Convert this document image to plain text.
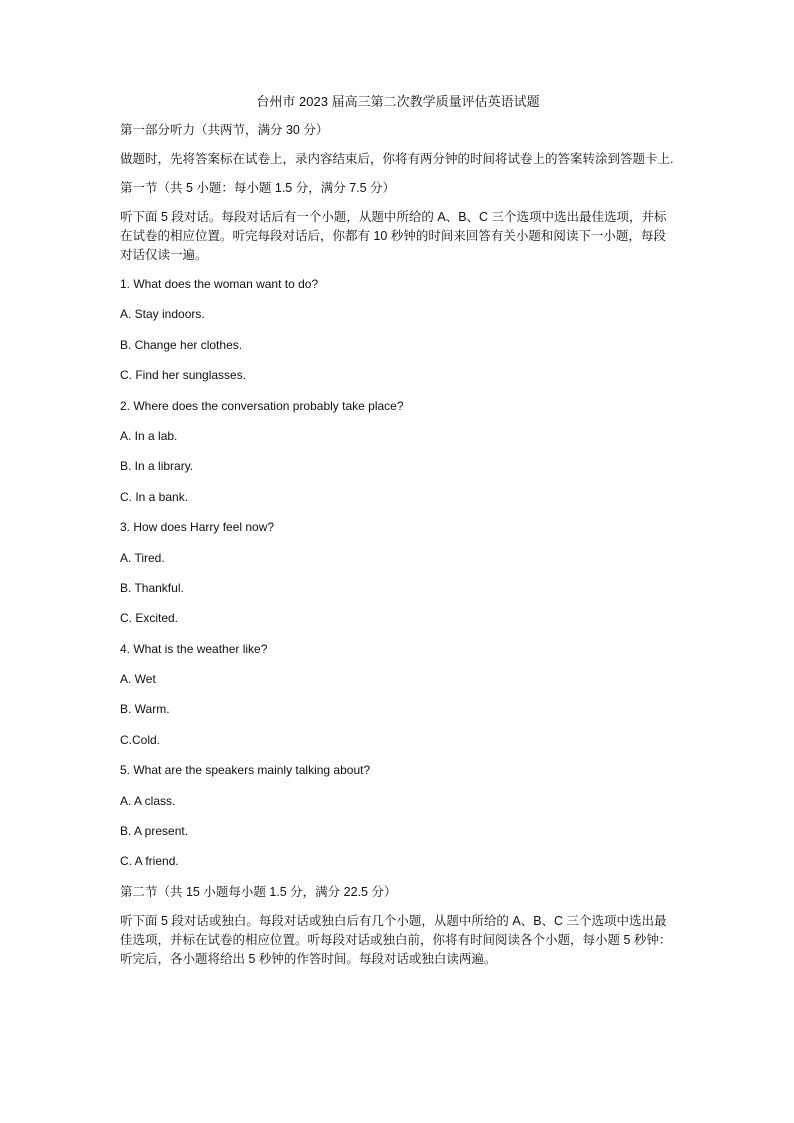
台州市 2023 届高三第二次教学质量评估英语试题
第一部分听力（共两节，满分 30 分）
做题时，先将答案标在试卷上，录内容结束后，你将有两分钟的时间将试卷上的答案转涂到答题卡上.
第一节（共 5 小题：每小题 1.5 分，满分 7.5 分）
听下面 5 段对话。每段对话后有一个小题，从题中所给的 A、B、C 三个选项中选出最佳选项，并标在试卷的相应位置。听完每段对话后，你都有 10 秒钟的时间来回答有关小题和阅读下一小题，每段对话仅读一遍。
1. What does the woman want to do?
A. Stay indoors.
B. Change her clothes.
C. Find her sunglasses.
2. Where does the conversation probably take place?
A. In a lab.
B. In a library.
C. In a bank.
3. How does Harry feel now?
A. Tired.
B. Thankful.
C. Excited.
4. What is the weather like?
A. Wet
B. Warm.
C.Cold.
5. What are the speakers mainly talking about?
A. A class.
B. A present.
C. A friend.
第二节（共 15 小题每小题 1.5 分，满分 22.5 分）
听下面 5 段对话或独白。每段对话或独白后有几个小题，从题中所给的 A、B、C 三个选项中选出最佳选项，并标在试卷的相应位置。听每段对话或独白前，你将有时间阅读各个小题，每小题 5 秒钟：听完后，各小题将给出 5 秒钟的作答时间。每段对话或独白读两遍。
